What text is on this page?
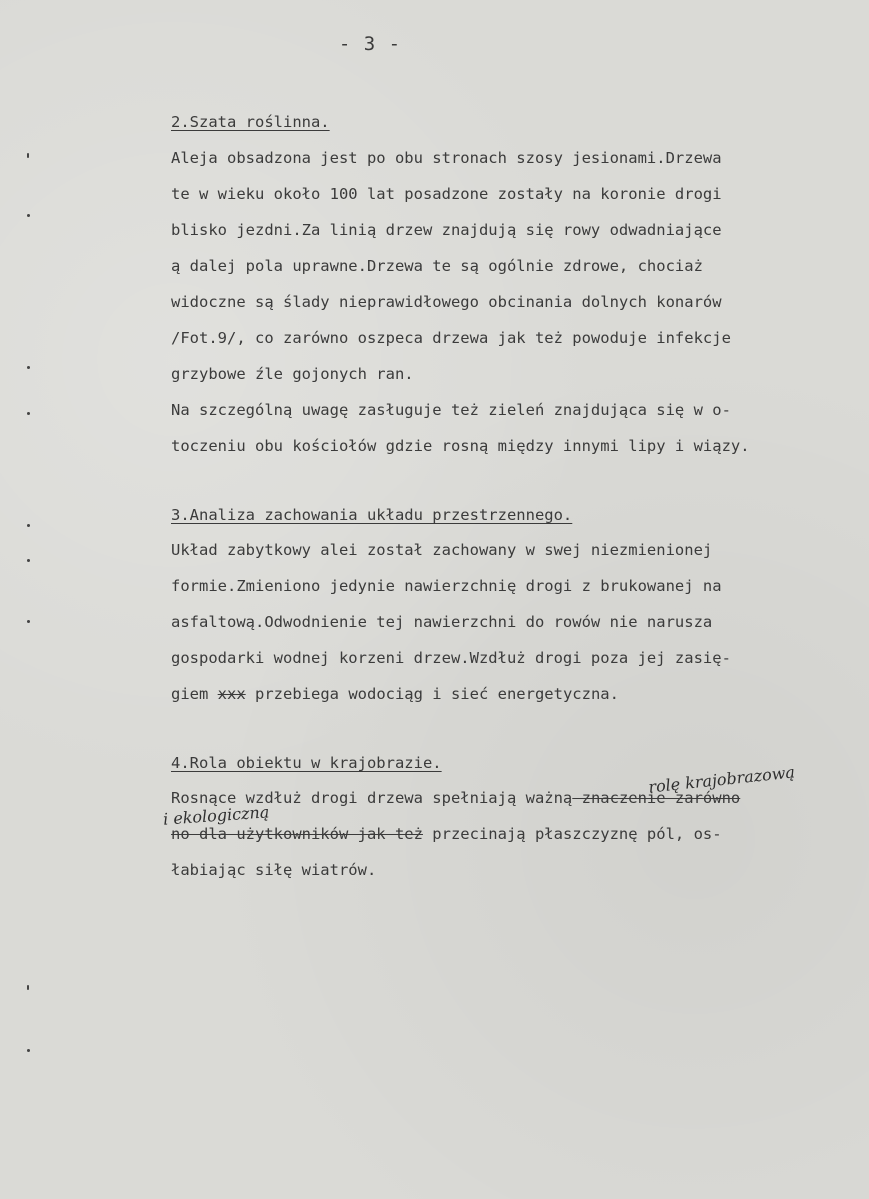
- 3 -
2.Szata roślinna.
Aleja obsadzona jest po obu stronach szosy jesionami.Drzewa
te w wieku około 100 lat posadzone zostały na koronie drogi
blisko jezdni.Za linią drzew znajdują się rowy odwadniające
ą dalej pola uprawne.Drzewa te są ogólnie zdrowe, chociaż
widoczne są ślady nieprawidłowego obcinania dolnych konarów
/Fot.9/, co zarówno oszpeca drzewa jak też powoduje infekcje
grzybowe źle gojonych ran.
Na szczególną uwagę zasługuje też zieleń znajdująca się w o-
toczeniu obu kościołów gdzie rosną między innymi lipy i wiązy.
3.Analiza zachowania układu przestrzennego.
Układ zabytkowy alei został zachowany w swej niezmienionej
formie.Zmieniono jedynie nawierzchnię drogi z brukowanej na
asfaltową.Odwodnienie tej nawierzchni do rowów nie narusza
gospodarki wodnej korzeni drzew.Wzdłuż drogi poza jej zasię-
giem xxx przebiega wodociąg i sieć energetyczna.
4.Rola obiektu w krajobrazie.	rolę krajobrazową
Rosnące wzdłuż drogi drzewa spełniają ważną znaczenie zarówno
i ekologiczną
no dla użytkowników jak też przecinają płaszczyznę pól, os-
łabiając siłę wiatrów.
